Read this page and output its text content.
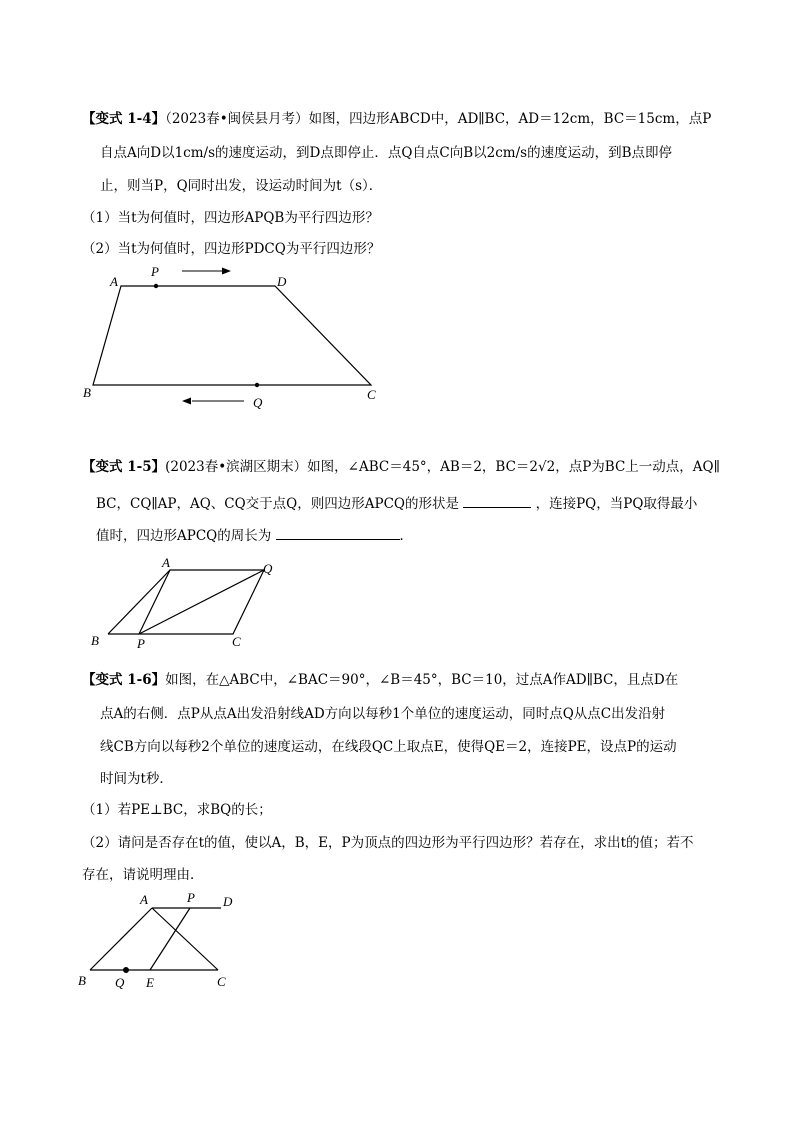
【变式 1-4】（2023春•闽侯县月考）如图，四边形ABCD中，AD∥BC，AD＝12cm，BC＝15cm，点P
自点A向D以1cm/s的速度运动，到D点即停止．点Q自点C向B以2cm/s的速度运动，到B点即停
止，则当P，Q同时出发，设运动时间为t（s）．
（1）当t为何值时，四边形APQB为平行四边形？
（2）当t为何值时，四边形PDCQ为平行四边形？
A
P
D
B
Q
C
【变式 1-5】(2023春•滨湖区期末）如图，∠ABC＝45°，AB＝2，BC＝2√2，点P为BC上一动点，AQ∥
BC，CQ∥AP，AQ、CQ交于点Q，则四边形APCQ的形状是	，连接PQ，当PQ取得最小
值时，四边形APCQ的周长为	．
A	Q
B	P	C
【变式 1-6】如图，在△ABC中，∠BAC＝90°，∠B＝45°，BC＝10，过点A作AD∥BC，且点D在
点A的右侧．点P从点A出发沿射线AD方向以每秒1个单位的速度运动，同时点Q从点C出发沿射
线CB方向以每秒2个单位的速度运动，在线段QC上取点E，使得QE＝2，连接PE，设点P的运动
时间为t秒．
（1）若PE⊥BC，求BQ的长；
（2）请问是否存在t的值，使以A，B，E，P为顶点的四边形为平行四边形？若存在，求出t的值；若不
存在，请说明理由．
A	P D
B Q E	C
